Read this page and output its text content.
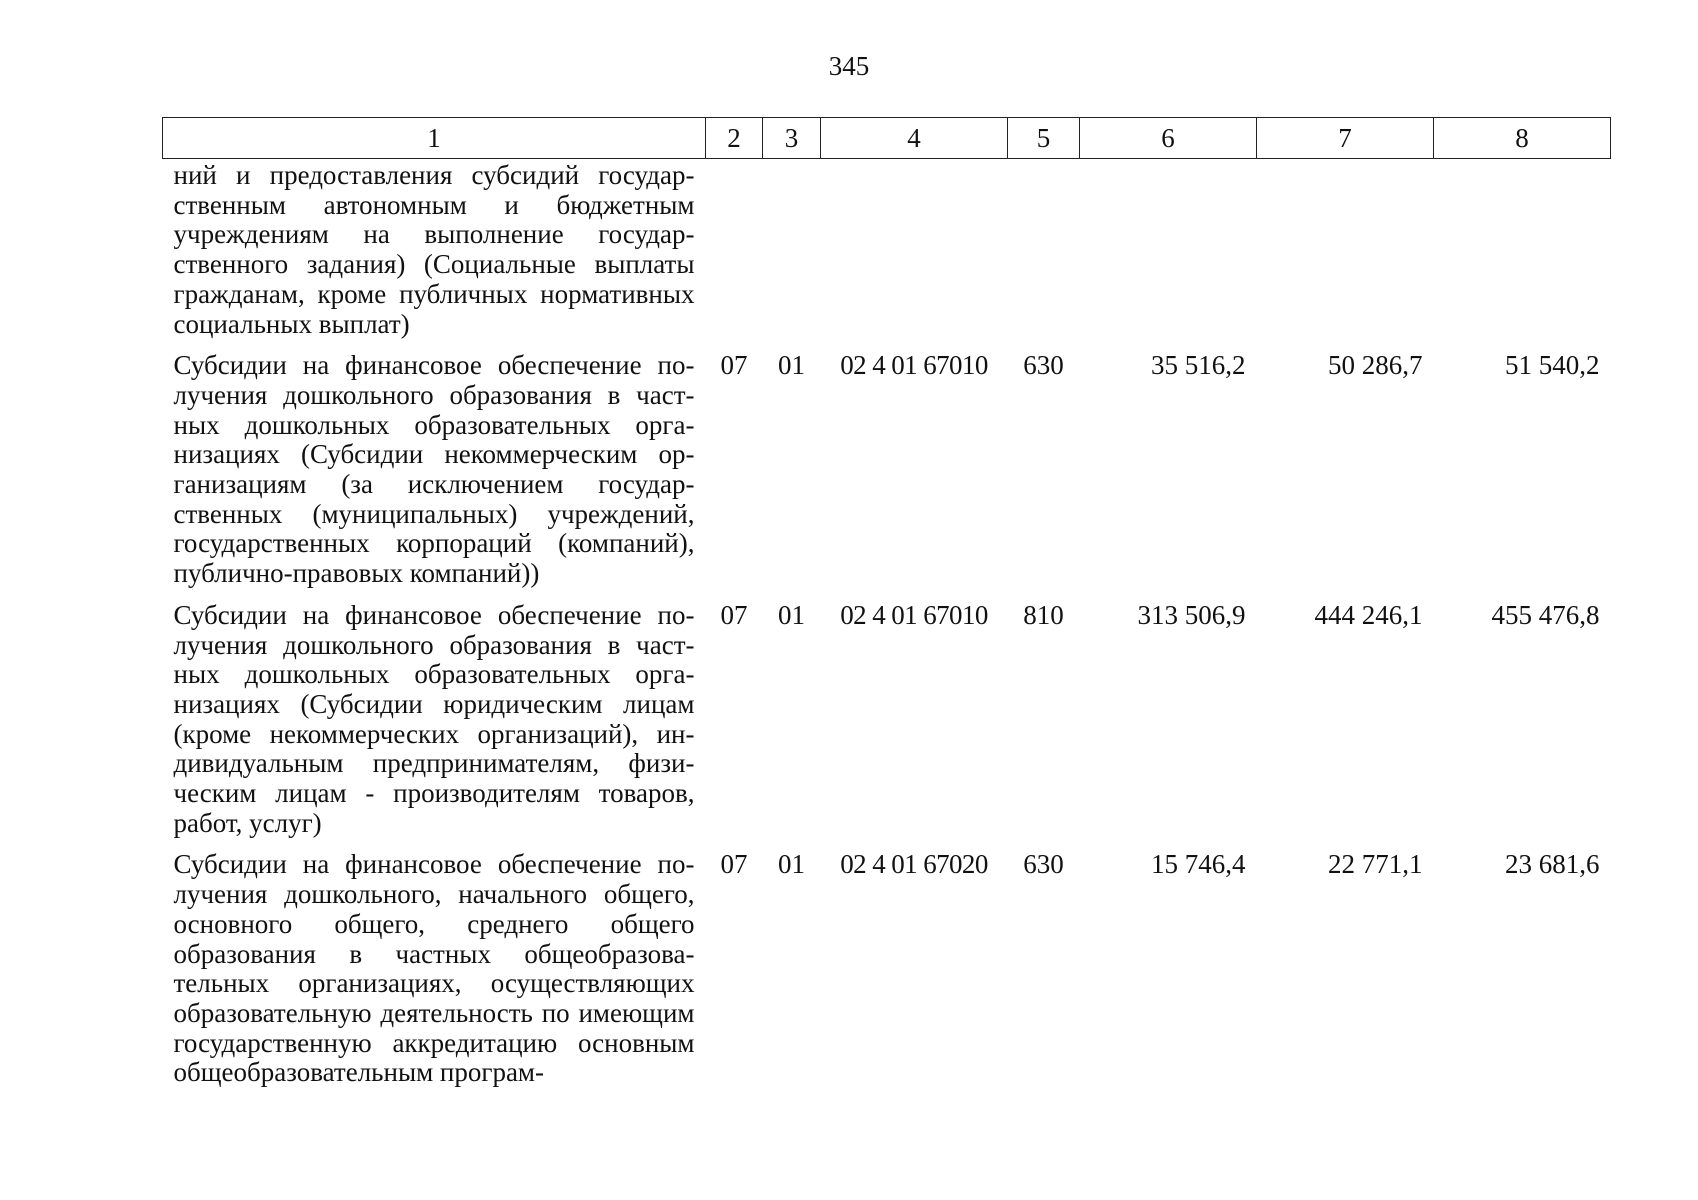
345
1	2	3	4	5	6	7	8
ний и предоставления субсидий государственным автономным и бюджетным учреждениям на выполнение государственного задания) (Социальные выплаты гражданам, кроме публичных нормативных социальных выплат)							
Субсидии на финансовое обеспечение получения дошкольного образования в частных дошкольных образовательных организациях (Субсидии некоммерческим организациям (за исключением государственных (муниципальных) учреждений, государственных корпораций (компаний), публично-правовых компаний))	07	01	02 4 01 67010	630	35 516,2	50 286,7	51 540,2
Субсидии на финансовое обеспечение получения дошкольного образования в частных дошкольных образовательных организациях (Субсидии юридическим лицам (кроме некоммерческих организаций), индивидуальным предпринимателям, физическим лицам - производителям товаров, работ, услуг)	07	01	02 4 01 67010	810	313 506,9	444 246,1	455 476,8
Субсидии на финансовое обеспечение получения дошкольного, начального общего, основного общего, среднего общего образования в частных общеобразовательных организациях, осуществляющих образовательную деятельность по имеющим государственную аккредитацию основным общеобразовательным програм-	07	01	02 4 01 67020	630	15 746,4	22 771,1	23 681,6
